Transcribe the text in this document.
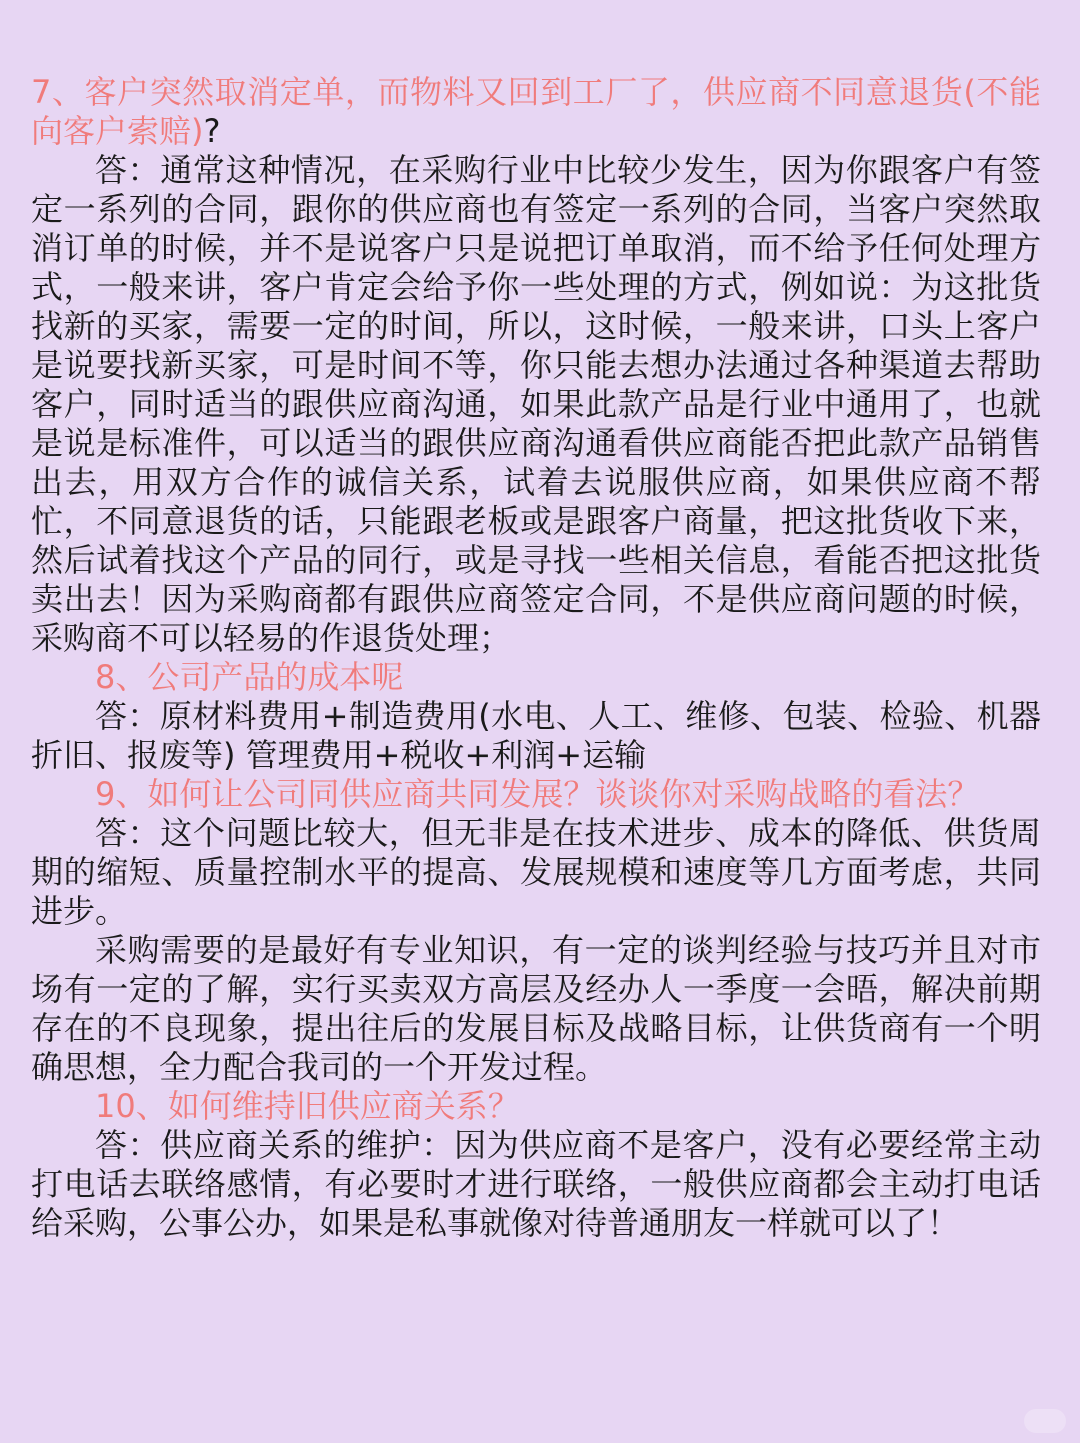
7、客户突然取消定单，而物料又回到工厂了，供应商不同意退货(不能向客户索赔)?

答：通常这种情况，在采购行业中比较少发生，因为你跟客户有签定一系列的合同，跟你的供应商也有签定一系列的合同，当客户突然取消订单的时候，并不是说客户只是说把订单取消，而不给予任何处理方式，一般来讲，客户肯定会给予你一些处理的方式，例如说：为这批货找新的买家，需要一定的时间，所以，这时候，一般来讲，口头上客户是说要找新买家，可是时间不等，你只能去想办法通过各种渠道去帮助客户，同时适当的跟供应商沟通，如果此款产品是行业中通用了，也就是说是标准件，可以适当的跟供应商沟通看供应商能否把此款产品销售出去，用双方合作的诚信关系，试着去说服供应商，如果供应商不帮忙，不同意退货的话，只能跟老板或是跟客户商量，把这批货收下来，然后试着找这个产品的同行，或是寻找一些相关信息，看能否把这批货卖出去！因为采购商都有跟供应商签定合同，不是供应商问题的时候，采购商不可以轻易的作退货处理；

8、公司产品的成本呢

答：原材料费用+制造费用(水电、人工、维修、包装、检验、机器折旧、报废等) 管理费用+税收+利润+运输

9、如何让公司同供应商共同发展？谈谈你对采购战略的看法？

答：这个问题比较大，但无非是在技术进步、成本的降低、供货周期的缩短、质量控制水平的提高、发展规模和速度等几方面考虑，共同进步。

采购需要的是最好有专业知识，有一定的谈判经验与技巧并且对市场有一定的了解，实行买卖双方高层及经办人一季度一会晤，解决前期存在的不良现象，提出往后的发展目标及战略目标，让供货商有一个明确思想，全力配合我司的一个开发过程。

10、如何维持旧供应商关系？

答：供应商关系的维护：因为供应商不是客户，没有必要经常主动打电话去联络感情，有必要时才进行联络，一般供应商都会主动打电话给采购，公事公办，如果是私事就像对待普通朋友一样就可以了！
